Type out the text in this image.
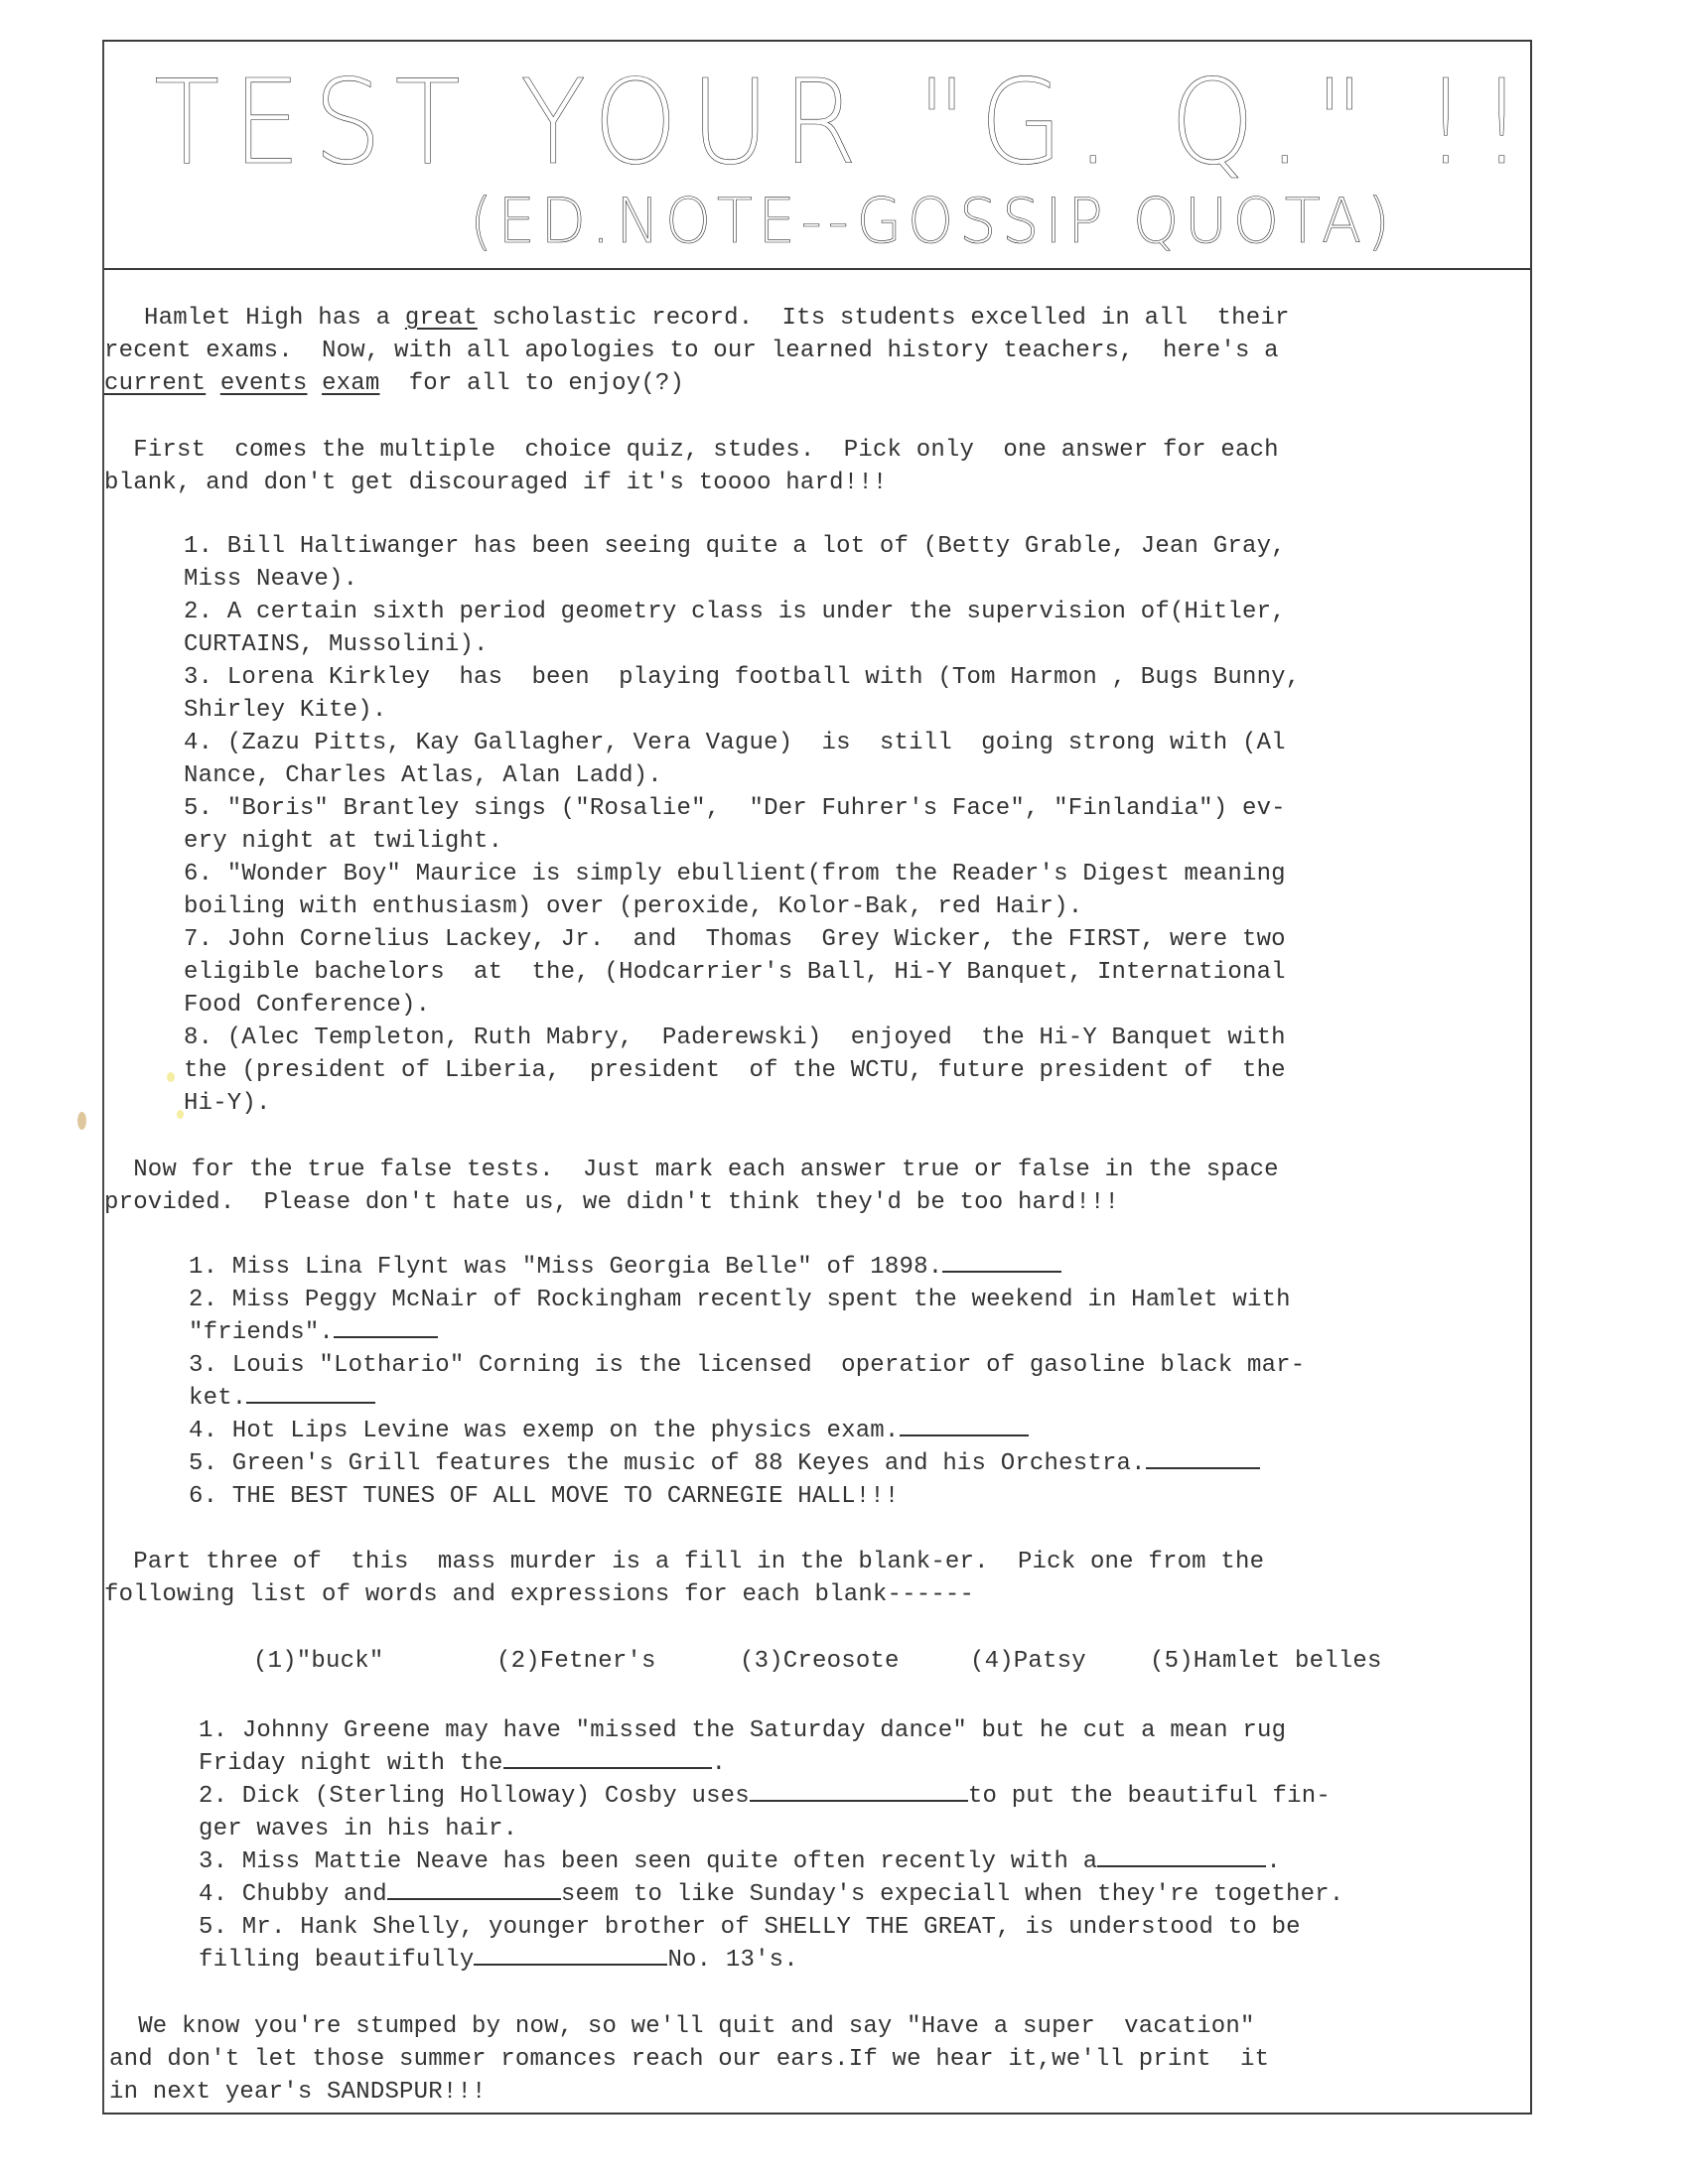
TEST YOUR "G. Q." !!
(ED.NOTE--GOSSIP QUOTA)
Hamlet High has a great scholastic record.  Its students excelled in all  their
recent exams.  Now, with all apologies to our learned history teachers,  here's a
current events exam  for all to enjoy(?)
First  comes the multiple  choice quiz, studes.  Pick only  one answer for each
blank, and don't get discouraged if it's toooo hard!!!
1. Bill Haltiwanger has been seeing quite a lot of (Betty Grable, Jean Gray,
Miss Neave).
2. A certain sixth period geometry class is under the supervision of(Hitler,
CURTAINS, Mussolini).
3. Lorena Kirkley  has  been  playing football with (Tom Harmon , Bugs Bunny,
Shirley Kite).
4. (Zazu Pitts, Kay Gallagher, Vera Vague)  is  still  going strong with (Al
Nance, Charles Atlas, Alan Ladd).
5. "Boris" Brantley sings ("Rosalie",  "Der Fuhrer's Face", "Finlandia") ev-
ery night at twilight.
6. "Wonder Boy" Maurice is simply ebullient(from the Reader's Digest meaning
boiling with enthusiasm) over (peroxide, Kolor-Bak, red Hair).
7. John Cornelius Lackey, Jr.  and  Thomas  Grey Wicker, the FIRST, were two
eligible bachelors  at  the, (Hodcarrier's Ball, Hi-Y Banquet, International
Food Conference).
8. (Alec Templeton, Ruth Mabry,  Paderewski)  enjoyed  the Hi-Y Banquet with
the (president of Liberia,  president  of the WCTU, future president of  the
Hi-Y).
Now for the true false tests.  Just mark each answer true or false in the space
provided.  Please don't hate us, we didn't think they'd be too hard!!!
1. Miss Lina Flynt was "Miss Georgia Belle" of 1898.
2. Miss Peggy McNair of Rockingham recently spent the weekend in Hamlet with
"friends".
3. Louis "Lothario" Corning is the licensed  operatior of gasoline black mar-
ket.
4. Hot Lips Levine was exemp on the physics exam.
5. Green's Grill features the music of 88 Keyes and his Orchestra.
6. THE BEST TUNES OF ALL MOVE TO CARNEGIE HALL!!!
Part three of  this  mass murder is a fill in the blank-er.  Pick one from the
following list of words and expressions for each blank------
(1)"buck"	(2)Fetner's	(3)Creosote	(4)Patsy	(5)Hamlet belles
1. Johnny Greene may have "missed the Saturday dance" but he cut a mean rug
Friday night with the	.
2. Dick (Sterling Holloway) Cosby uses	to put the beautiful fin-
ger waves in his hair.
3. Miss Mattie Neave has been seen quite often recently with a	.
4. Chubby and	seem to like Sunday's expeciall when they're together.
5. Mr. Hank Shelly, younger brother of SHELLY THE GREAT, is understood to be
filling beautifully	No. 13's.
We know you're stumped by now, so we'll quit and say "Have a super  vacation"
and don't let those summer romances reach our ears.If we hear it,we'll print  it
in next year's SANDSPUR!!!
